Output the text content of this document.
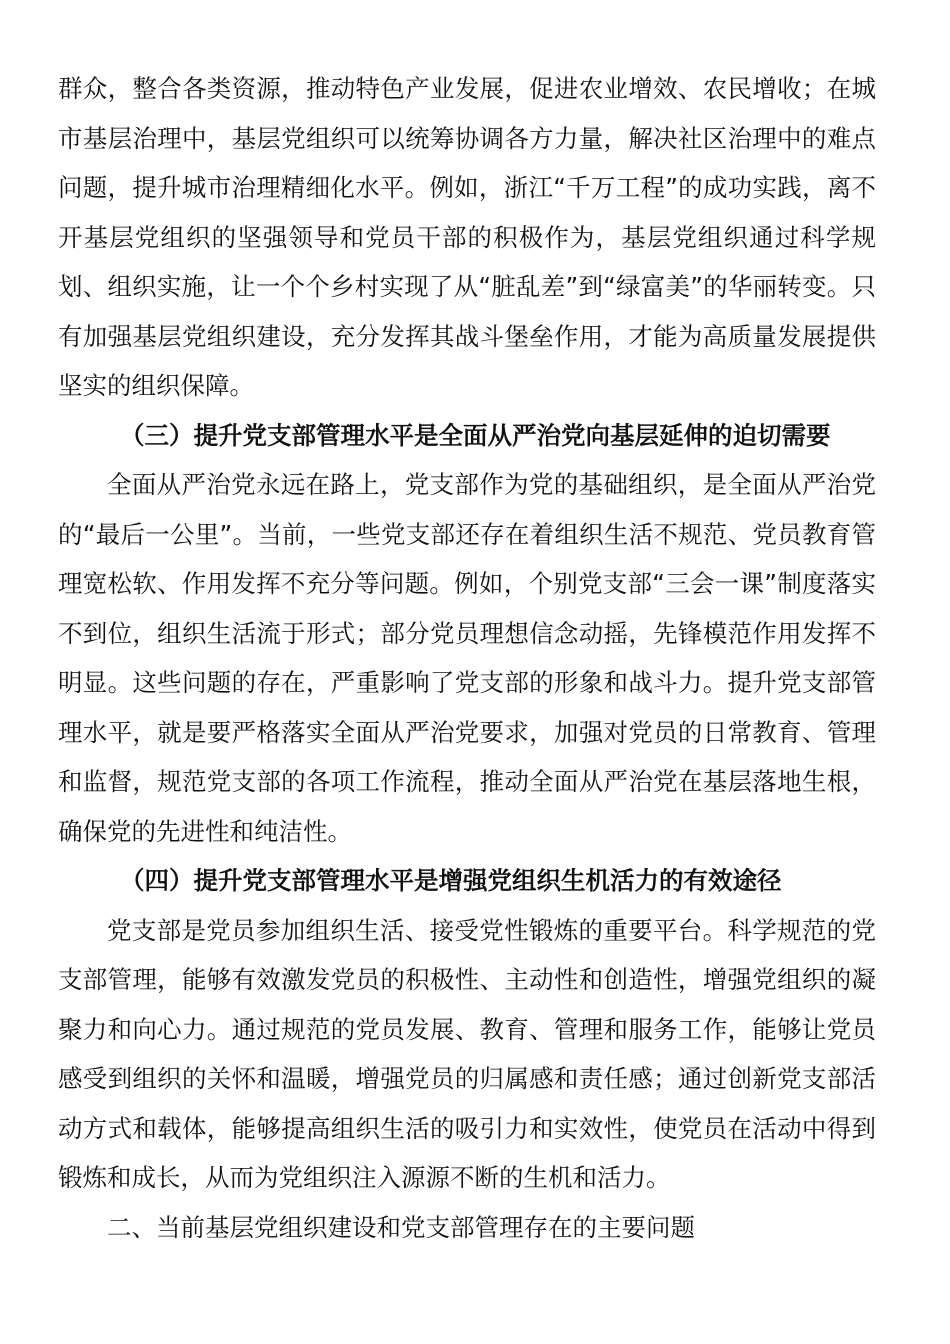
群众，整合各类资源，推动特色产业发展，促进农业增效、农民增收；在城市基层治理中，基层党组织可以统筹协调各方力量，解决社区治理中的难点问题，提升城市治理精细化水平。例如，浙江“千万工程”的成功实践，离不开基层党组织的坚强领导和党员干部的积极作为，基层党组织通过科学规划、组织实施，让一个个乡村实现了从“脏乱差”到“绿富美”的华丽转变。只有加强基层党组织建设，充分发挥其战斗堡垒作用，才能为高质量发展提供坚实的组织保障。

（三）提升党支部管理水平是全面从严治党向基层延伸的迫切需要

全面从严治党永远在路上，党支部作为党的基础组织，是全面从严治党的“最后一公里”。当前，一些党支部还存在着组织生活不规范、党员教育管理宽松软、作用发挥不充分等问题。例如，个别党支部“三会一课”制度落实不到位，组织生活流于形式；部分党员理想信念动摇，先锋模范作用发挥不明显。这些问题的存在，严重影响了党支部的形象和战斗力。提升党支部管理水平，就是要严格落实全面从严治党要求，加强对党员的日常教育、管理和监督，规范党支部的各项工作流程，推动全面从严治党在基层落地生根，确保党的先进性和纯洁性。

（四）提升党支部管理水平是增强党组织生机活力的有效途径

党支部是党员参加组织生活、接受党性锻炼的重要平台。科学规范的党支部管理，能够有效激发党员的积极性、主动性和创造性，增强党组织的凝聚力和向心力。通过规范的党员发展、教育、管理和服务工作，能够让党员感受到组织的关怀和温暖，增强党员的归属感和责任感；通过创新党支部活动方式和载体，能够提高组织生活的吸引力和实效性，使党员在活动中得到锻炼和成长，从而为党组织注入源源不断的生机和活力。

二、当前基层党组织建设和党支部管理存在的主要问题
